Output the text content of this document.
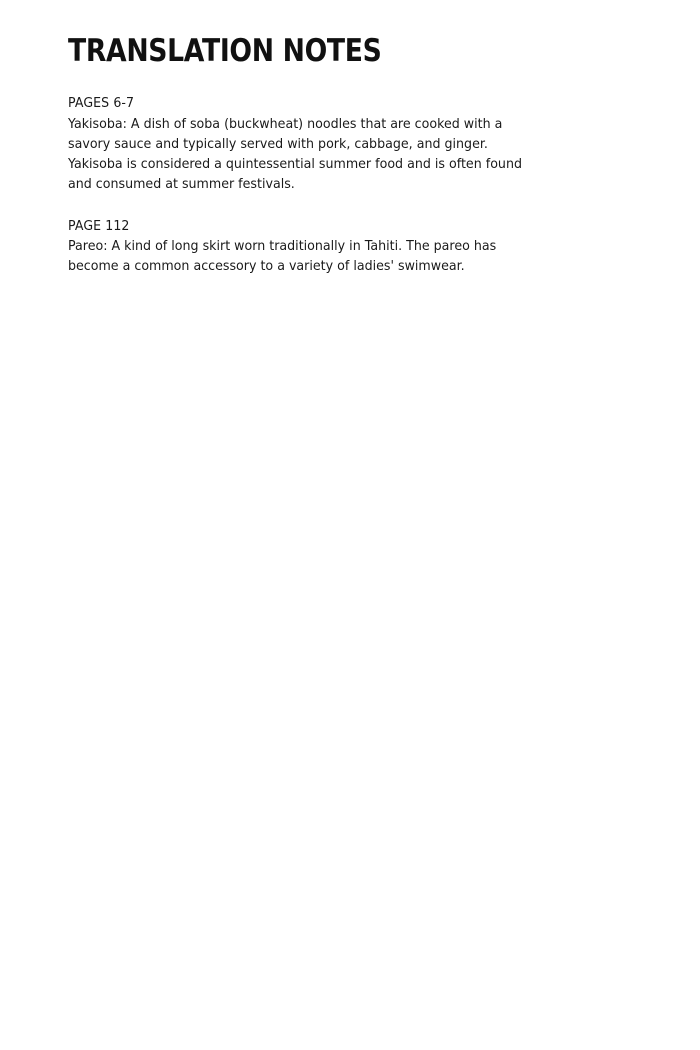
TRANSLATION NOTES

PAGES 6-7

Yakisoba: A dish of soba (buckwheat) noodles that are cooked with a savory sauce and typically served with pork, cabbage, and ginger. Yakisoba is considered a quintessential summer food and is often found and consumed at summer festivals.

PAGE 112

Pareo: A kind of long skirt worn traditionally in Tahiti. The pareo has become a common accessory to a variety of ladies' swimwear.
